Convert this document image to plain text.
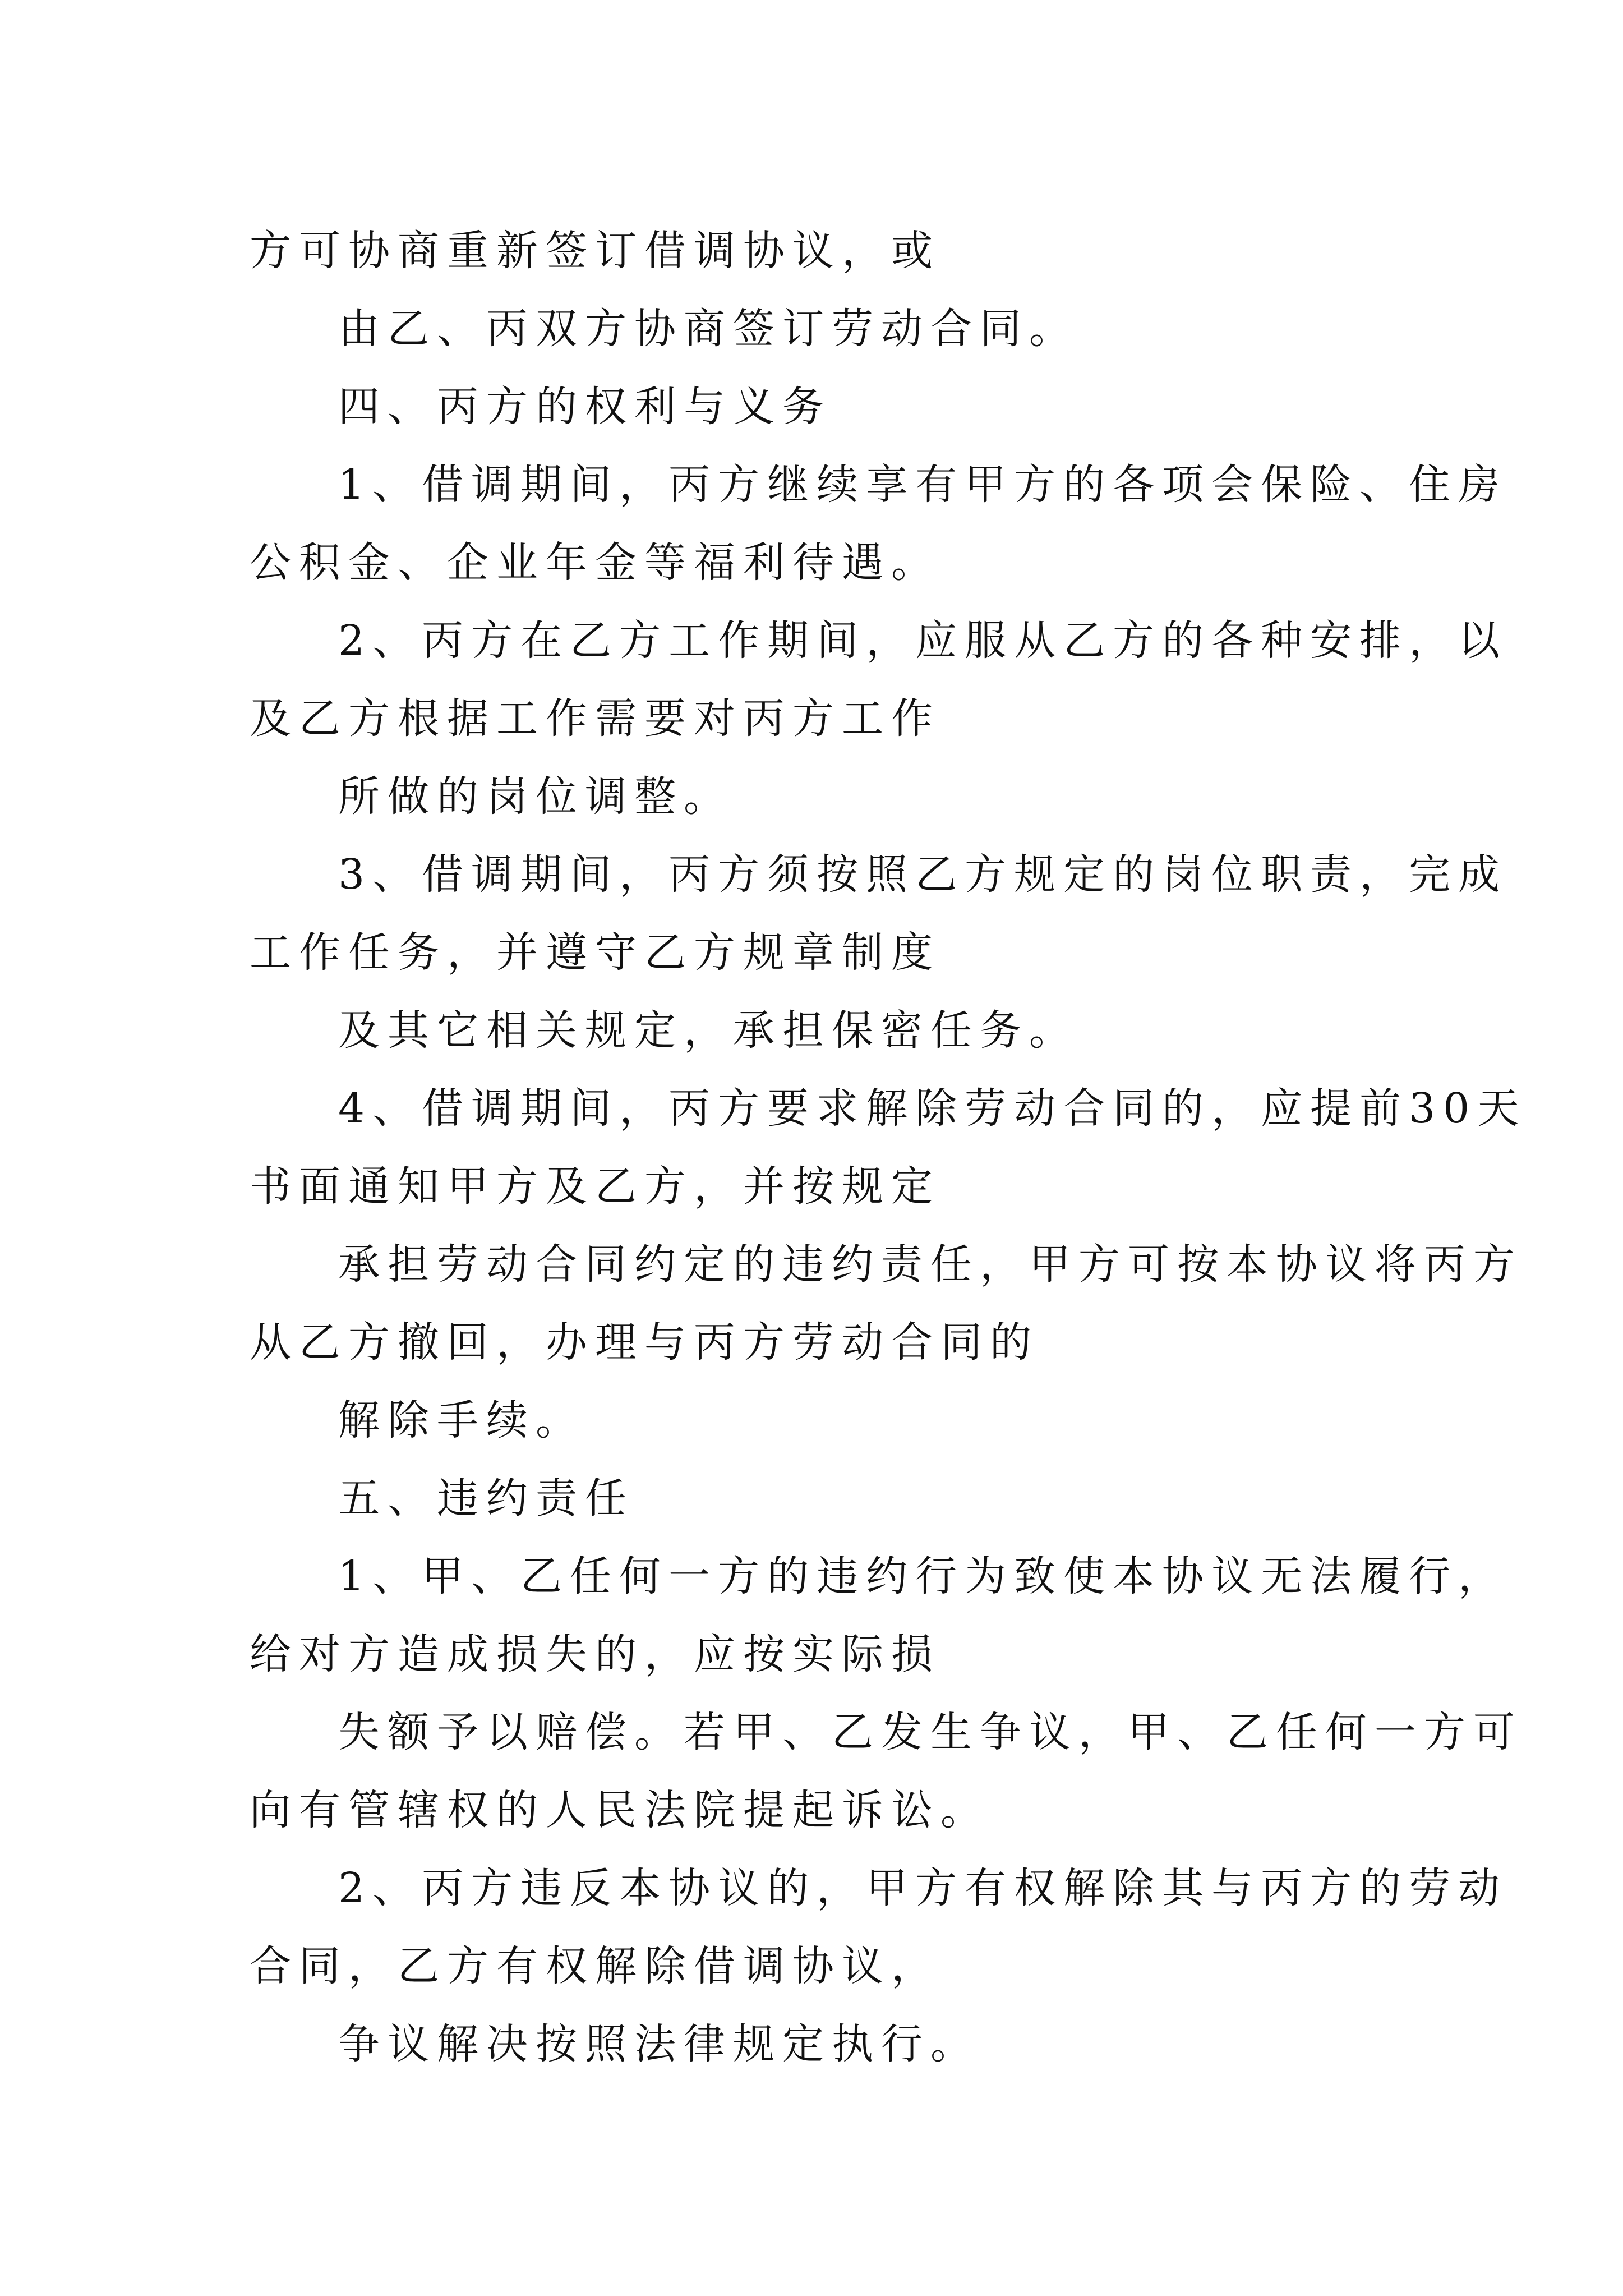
方可协商重新签订借调协议，或
由乙、丙双方协商签订劳动合同。
四、丙方的权利与义务
1、借调期间，丙方继续享有甲方的各项会保险、住房
公积金、企业年金等福利待遇。
2、丙方在乙方工作期间，应服从乙方的各种安排，以
及乙方根据工作需要对丙方工作
所做的岗位调整。
3、借调期间，丙方须按照乙方规定的岗位职责，完成
工作任务，并遵守乙方规章制度
及其它相关规定，承担保密任务。
4、借调期间，丙方要求解除劳动合同的，应提前30天
书面通知甲方及乙方，并按规定
承担劳动合同约定的违约责任，甲方可按本协议将丙方
从乙方撤回，办理与丙方劳动合同的
解除手续。
五、违约责任
1、甲、乙任何一方的违约行为致使本协议无法履行，
给对方造成损失的，应按实际损
失额予以赔偿。若甲、乙发生争议，甲、乙任何一方可
向有管辖权的人民法院提起诉讼。
2、丙方违反本协议的，甲方有权解除其与丙方的劳动
合同，乙方有权解除借调协议，
争议解决按照法律规定执行。
